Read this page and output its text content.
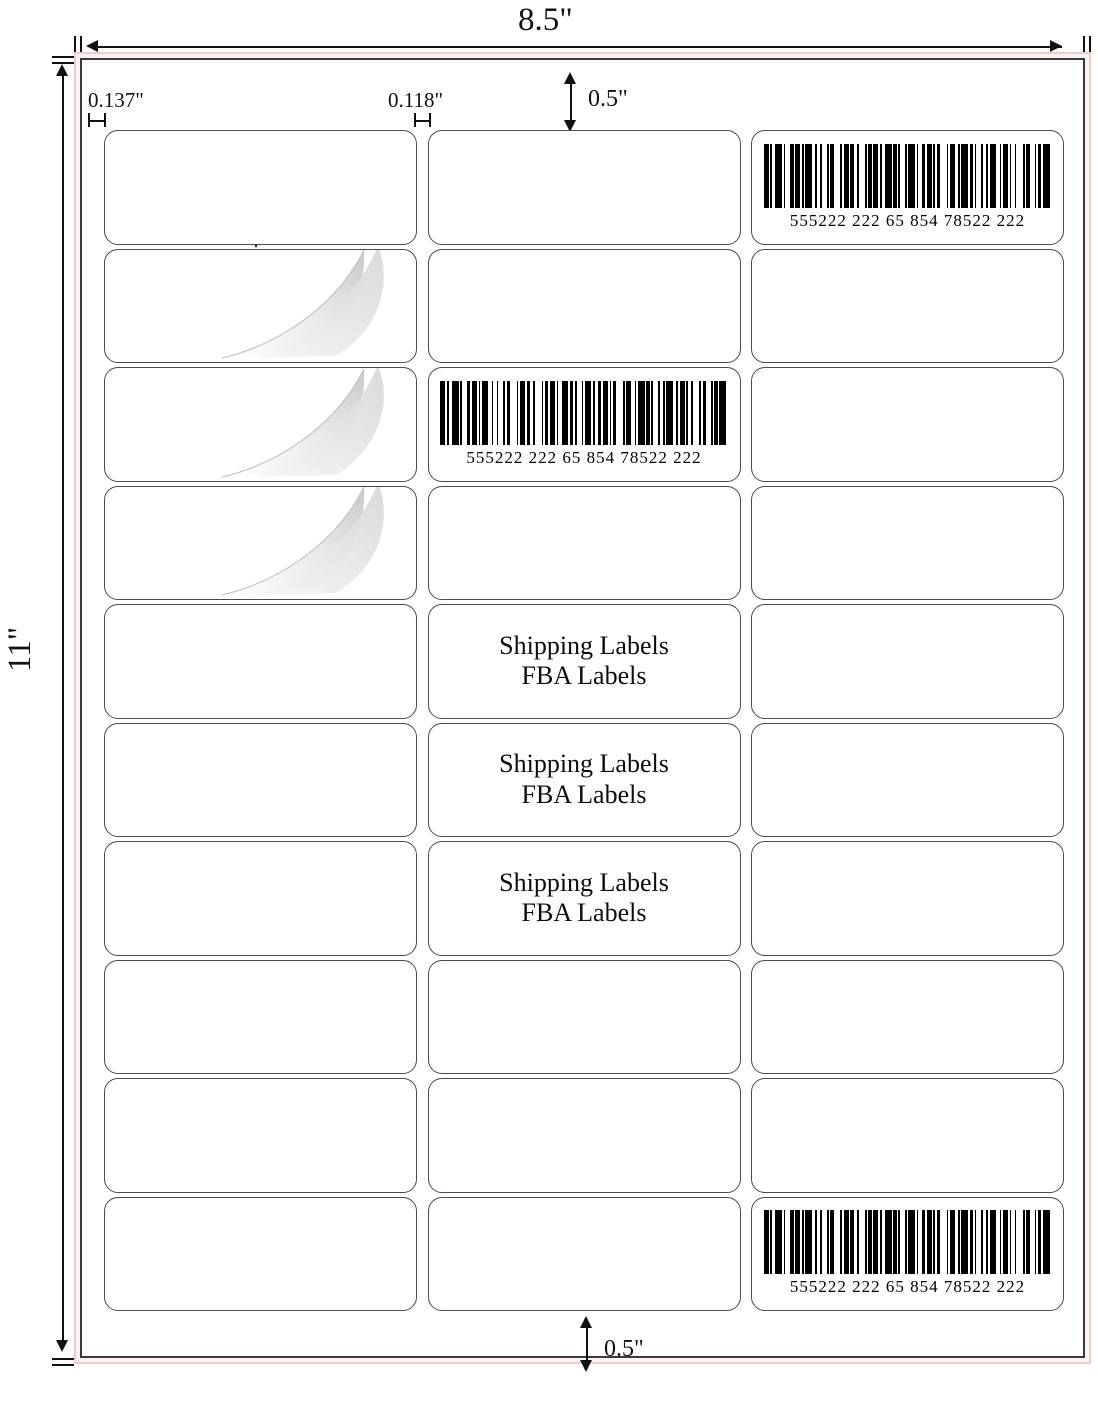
8.5"
11"
0.137"	0.118"	0.5"
0.5"
555222 222 65 854 78522 222
555222 222 65 854 78522 222
Shipping Labels
FBA Labels
Shipping Labels
FBA Labels
Shipping Labels
FBA Labels
555222 222 65 854 78522 222
